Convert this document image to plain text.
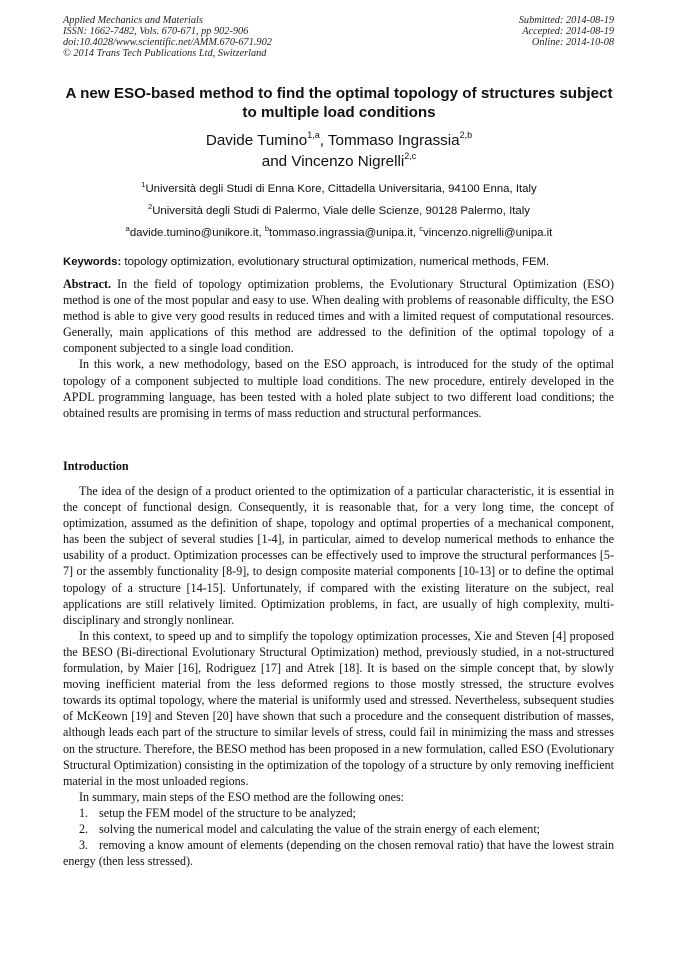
Applied Mechanics and Materials
ISSN: 1662-7482, Vols. 670-671, pp 902-906
doi:10.4028/www.scientific.net/AMM.670-671.902
© 2014 Trans Tech Publications Ltd, Switzerland
Submitted: 2014-08-19
Accepted: 2014-08-19
Online: 2014-10-08
A new ESO-based method to find the optimal topology of structures subject to multiple load conditions
Davide Tumino$^{1,a}$, Tommaso Ingrassia$^{2,b}$
and Vincenzo Nigrelli$^{2,c}$
$^1$Università degli Studi di Enna Kore, Cittadella Universitaria, 94100 Enna, Italy
$^2$Università degli Studi di Palermo, Viale delle Scienze, 90128 Palermo, Italy
$^a$davide.tumino@unikore.it, $^b$tommaso.ingrassia@unipa.it, $^c$vincenzo.nigrelli@unipa.it
Keywords: topology optimization, evolutionary structural optimization, numerical methods, FEM.

Abstract. In the field of topology optimization problems, the Evolutionary Structural Optimization (ESO) method is one of the most popular and easy to use. When dealing with problems of reasonable difficulty, the ESO method is able to give very good results in reduced times and with a limited request of computational resources. Generally, main applications of this method are addressed to the definition of the optimal topology of a component subjected to a single load condition.

In this work, a new methodology, based on the ESO approach, is introduced for the study of the optimal topology of a component subjected to multiple load conditions. The new procedure, entirely developed in the APDL programming language, has been tested with a holed plate subject to two different load conditions; the obtained results are promising in terms of mass reduction and structural performances.

Introduction

The idea of the design of a product oriented to the optimization of a particular characteristic, it is essential in the concept of functional design. Consequently, it is reasonable that, for a very long time, the concept of optimization, assumed as the definition of shape, topology and optimal properties of a mechanical component, has been the subject of several studies [1-4], in particular, aimed to develop numerical methods to enhance the usability of a product. Optimization processes can be effectively used to improve the structural performances [5-7] or the assembly functionality [8-9], to design composite material components [10-13] or to define the optimal topology of a structure [14-15]. Unfortunately, if compared with the existing literature on the subject, real applications are still relatively limited. Optimization problems, in fact, are usually of high complexity, multi-disciplinary and strongly nonlinear.

In this context, to speed up and to simplify the topology optimization processes, Xie and Steven [4] proposed the BESO (Bi-directional Evolutionary Structural Optimization) method, previously studied, in a not-structured formulation, by Maier [16], Rodriguez [17] and Atrek [18]. It is based on the simple concept that, by slowly moving inefficient material from the less deformed regions to those mostly stressed, the structure evolves towards its optimal topology, where the material is uniformly used and stressed. Nevertheless, subsequent studies of McKeown [19] and Steven [20] have shown that such a procedure and the consequent distribution of masses, although leads each part of the structure to similar levels of stress, could fail in minimizing the mass and stresses on the structure. Therefore, the BESO method has been proposed in a new formulation, called ESO (Evolutionary Structural Optimization) consisting in the optimization of the topology of a structure by only removing inefficient material in the most unloaded regions.

In summary, main steps of the ESO method are the following ones:

1. setup the FEM model of the structure to be analyzed;
2. solving the numerical model and calculating the value of the strain energy of each element;
3. removing a know amount of elements (depending on the chosen removal ratio) that have the lowest strain energy (then less stressed).
